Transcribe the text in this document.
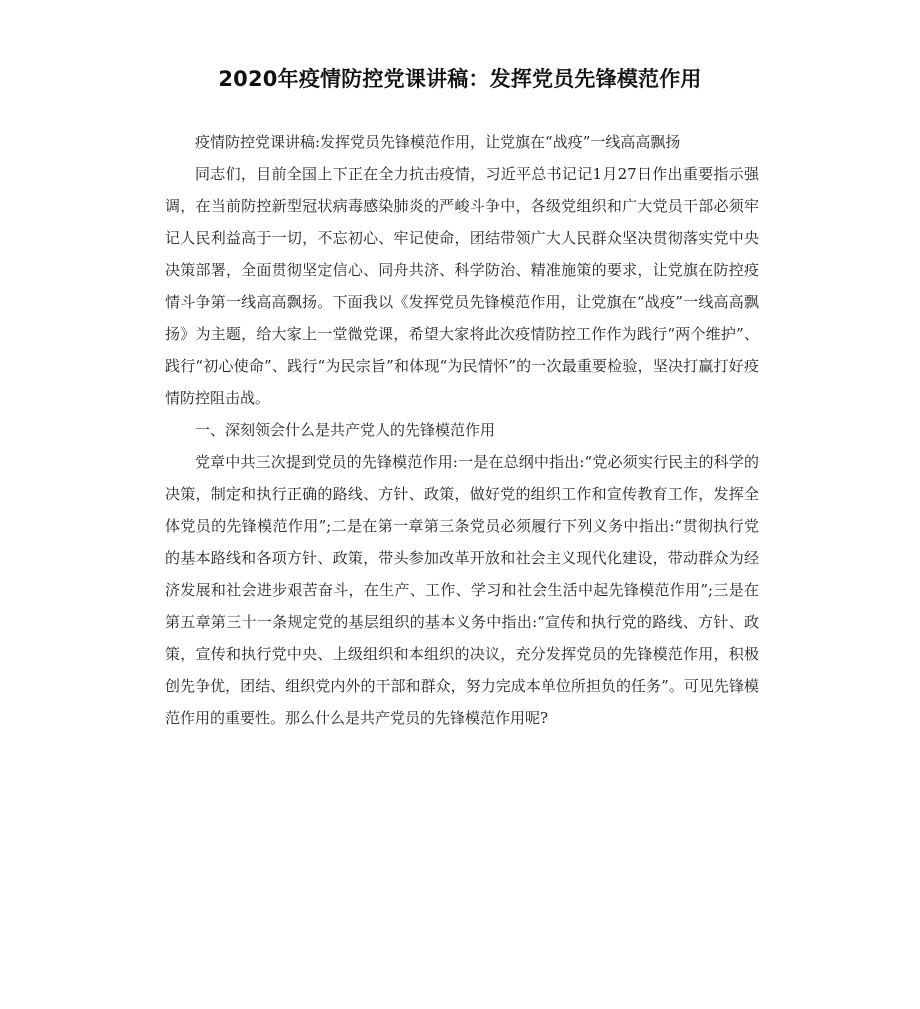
2020年疫情防控党课讲稿：发挥党员先锋模范作用

疫情防控党课讲稿:发挥党员先锋模范作用，让党旗在“战疫”一线高高飘扬

同志们，目前全国上下正在全力抗击疫情，习近平总书记记1月27日作出重要指示强调，在当前防控新型冠状病毒感染肺炎的严峻斗争中，各级党组织和广大党员干部必须牢记人民利益高于一切，不忘初心、牢记使命，团结带领广大人民群众坚决贯彻落实党中央决策部署，全面贯彻坚定信心、同舟共济、科学防治、精准施策的要求，让党旗在防控疫情斗争第一线高高飘扬。下面我以《发挥党员先锋模范作用，让党旗在“战疫”一线高高飘扬》为主题，给大家上一堂微党课，希望大家将此次疫情防控工作作为践行“两个维护”、践行“初心使命”、践行“为民宗旨”和体现“为民情怀”的一次最重要检验，坚决打赢打好疫情防控阻击战。

一、深刻领会什么是共产党人的先锋模范作用

党章中共三次提到党员的先锋模范作用:一是在总纲中指出:“党必须实行民主的科学的决策，制定和执行正确的路线、方针、政策，做好党的组织工作和宣传教育工作，发挥全体党员的先锋模范作用”;二是在第一章第三条党员必须履行下列义务中指出:“贯彻执行党的基本路线和各项方针、政策，带头参加改革开放和社会主义现代化建设，带动群众为经济发展和社会进步艰苦奋斗，在生产、工作、学习和社会生活中起先锋模范作用”;三是在第五章第三十一条规定党的基层组织的基本义务中指出:“宣传和执行党的路线、方针、政策，宣传和执行党中央、上级组织和本组织的决议，充分发挥党员的先锋模范作用，积极创先争优，团结、组织党内外的干部和群众，努力完成本单位所担负的任务”。可见先锋模范作用的重要性。那么什么是共产党员的先锋模范作用呢?
